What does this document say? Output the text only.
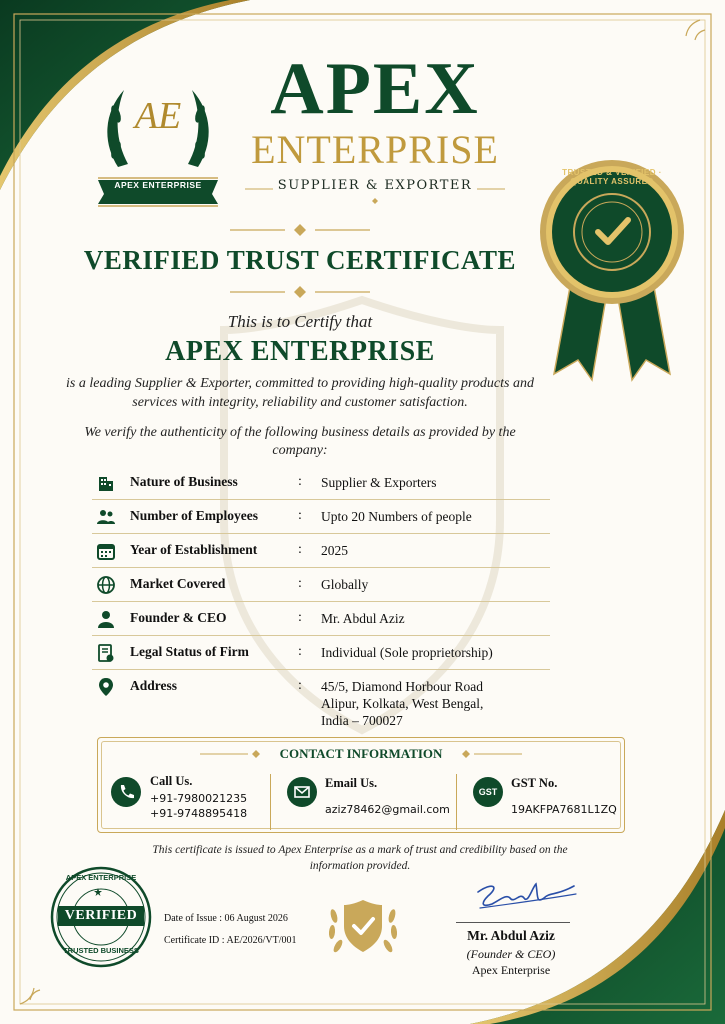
AE
APEX ENTERPRISE
APEX
ENTERPRISE
SUPPLIER & EXPORTER
TRUSTED & VERIFIED · QUALITY ASSURED
VERIFIED TRUST CERTIFICATE
This is to Certify that
APEX ENTERPRISE
is a leading Supplier & Exporter, committed to providing high-quality products and services with integrity, reliability and customer satisfaction.
We verify the authenticity of the following business details as provided by the company:
Nature of Business	: Supplier & Exporters
Number of Employees	: Upto 20 Numbers of people
Year of Establishment	: 2025
Market Covered	: Globally
Founder & CEO	: Mr. Abdul Aziz
Legal Status of Firm	: Individual (Sole proprietorship)
Address	: 45/5, Diamond Horbour Road
Alipur, Kolkata, West Bengal,
India – 700027
CONTACT INFORMATION
Call Us.
+91-7980021235
+91-9748895418
Email Us.
aziz78462@gmail.com
GST
GST No.
19AKFPA7681L1ZQ
This certificate is issued to Apex Enterprise as a mark of trust and credibility based on the information provided.
APEX ENTERPRISE
VERIFIED
TRUSTED BUSINESS
Date of Issue : 06 August 2026
Certificate ID : AE/2026/VT/001	Mr. Abdul Aziz
(Founder & CEO)
Apex Enterprise
